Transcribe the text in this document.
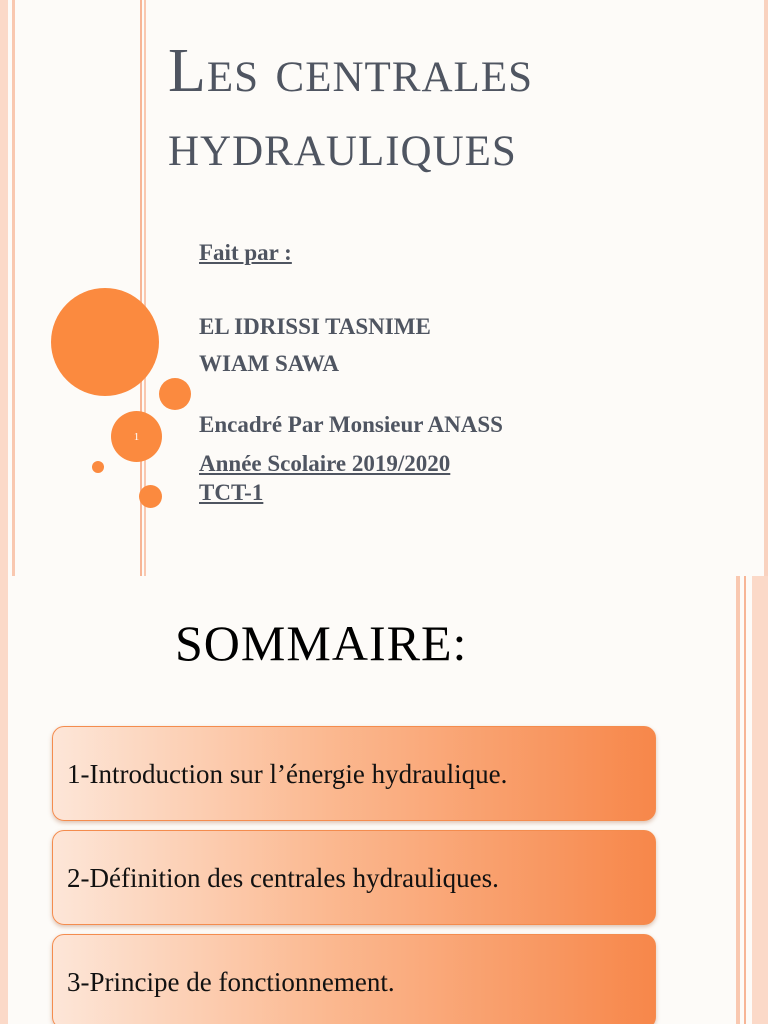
1
Les centrales hydrauliques
Fait par :
EL IDRISSI TASNIME
WIAM SAWA
Encadré Par Monsieur ANASS
Année Scolaire 2019/2020
TCT-1
SOMMAIRE:
1-Introduction sur l’énergie hydraulique.
2-Définition des centrales hydrauliques.
3-Principe de fonctionnement.
